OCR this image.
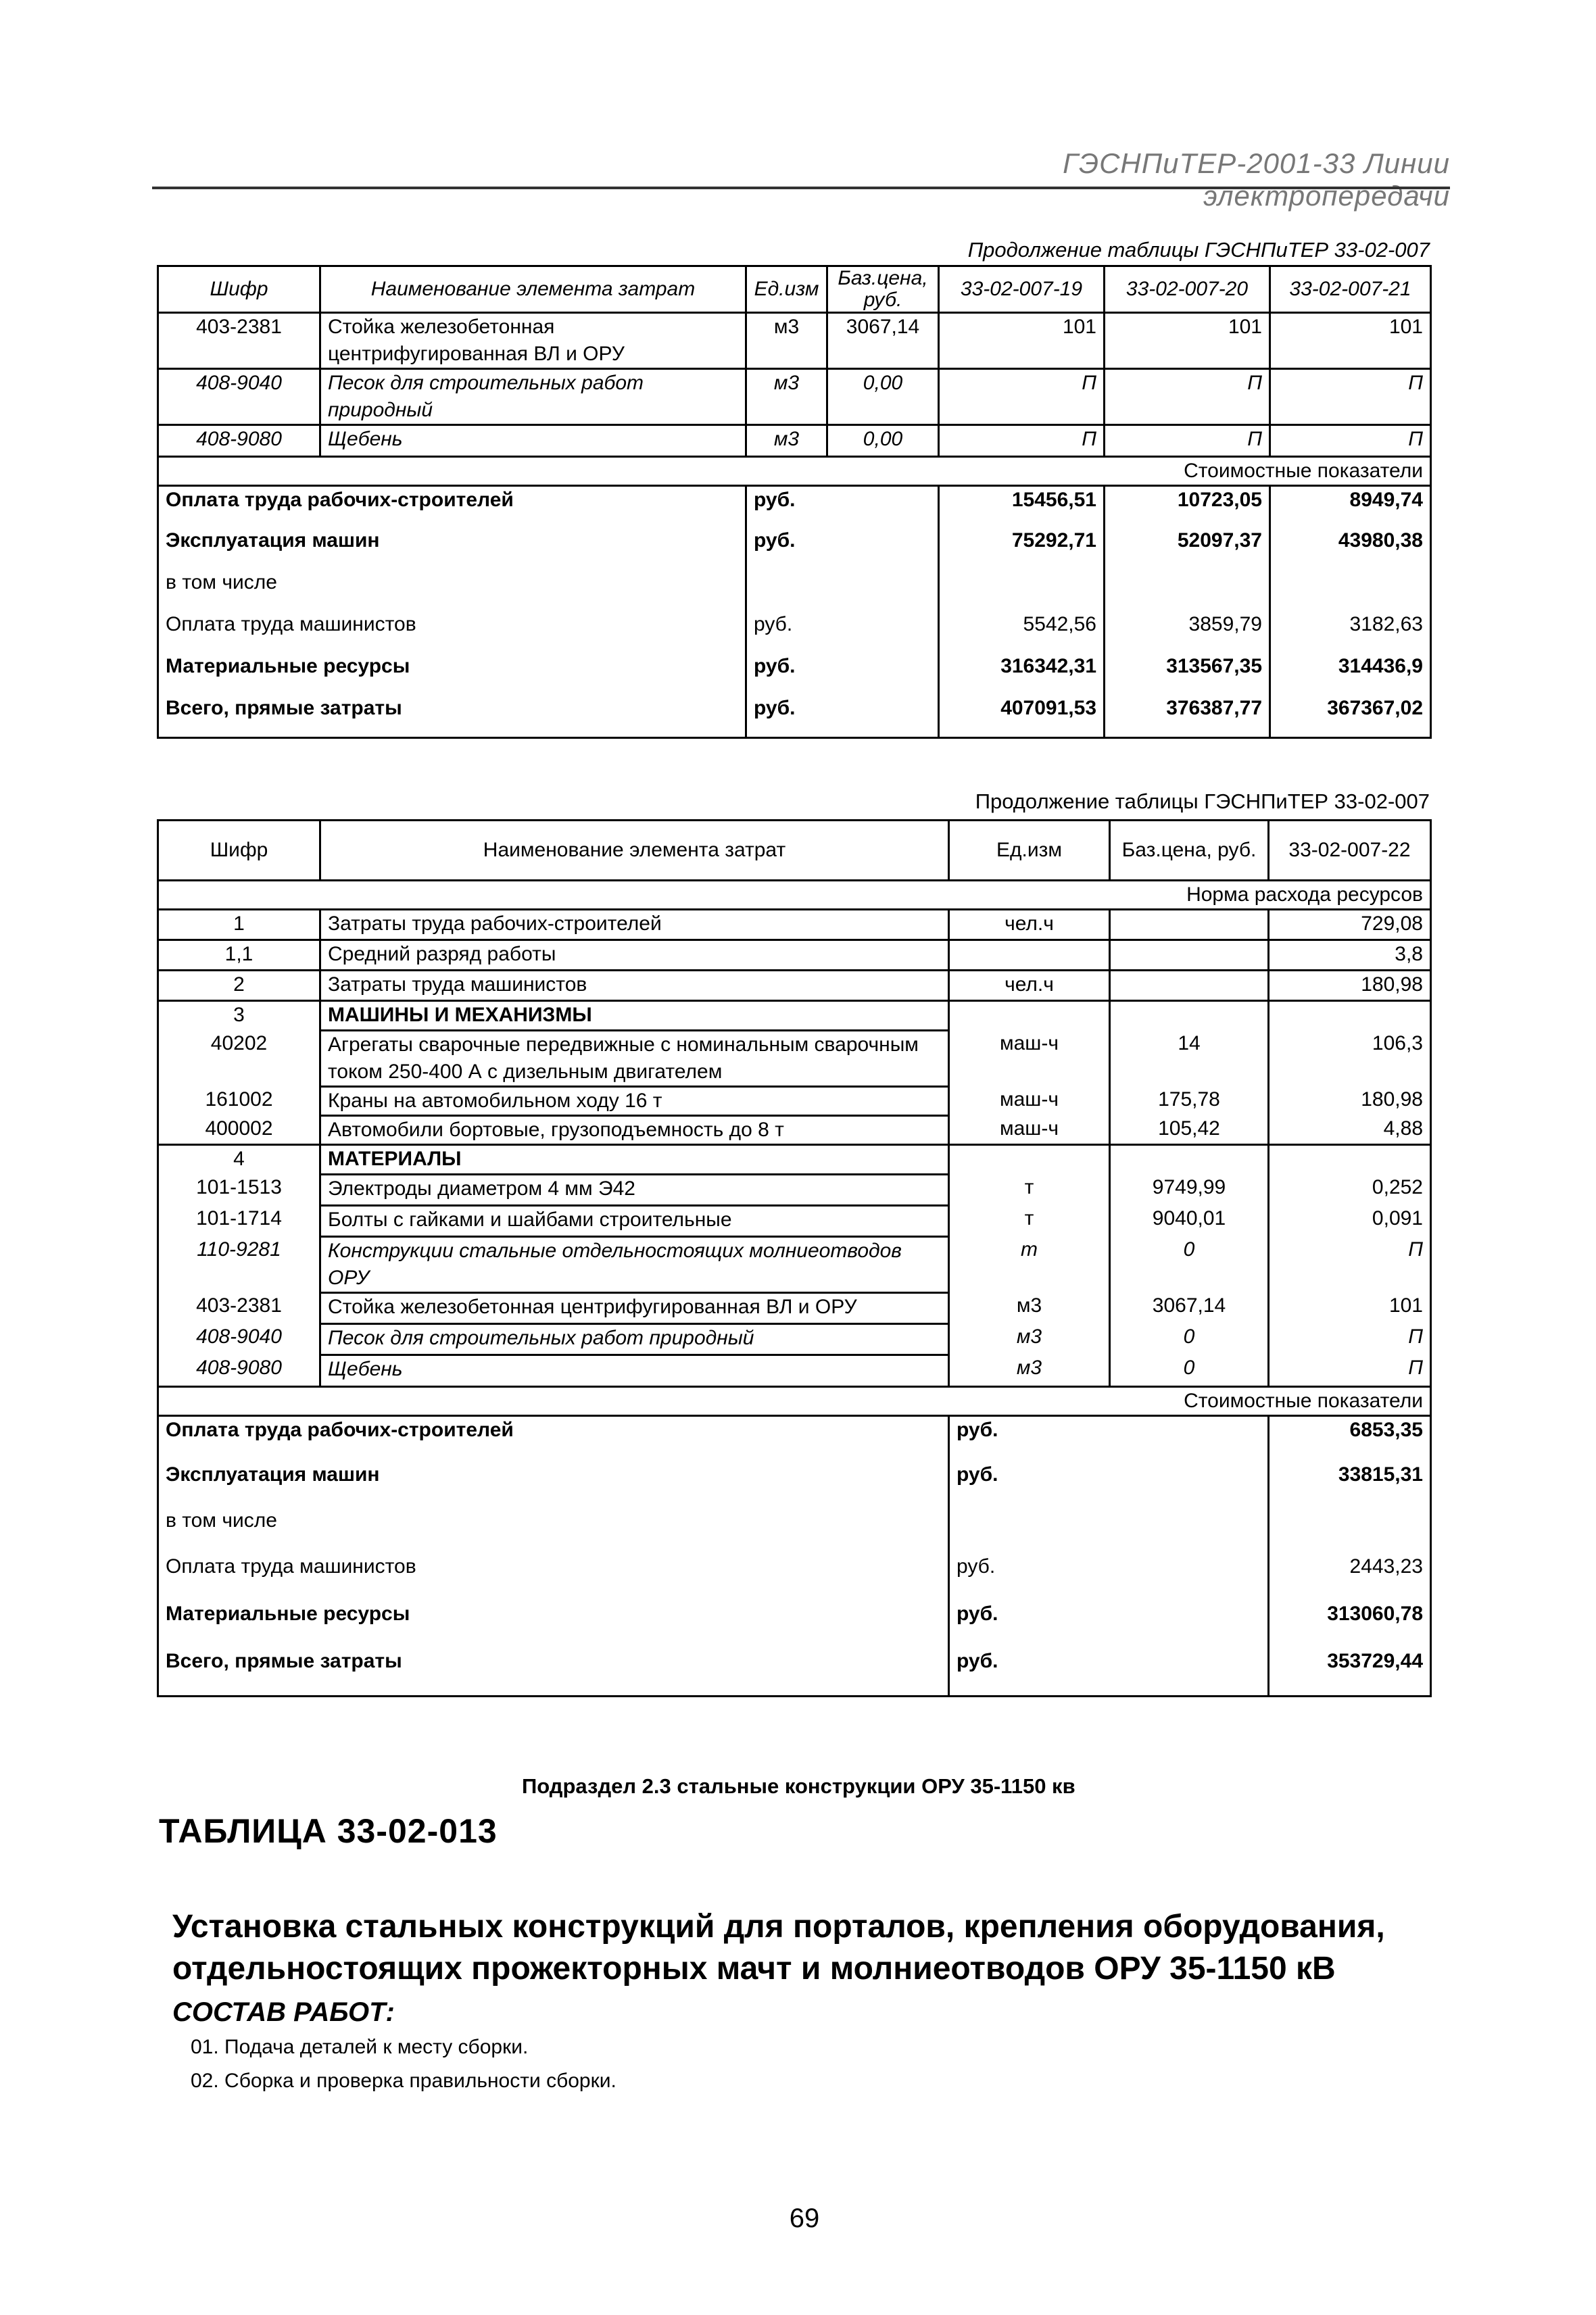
ГЭСНПиТЕР-2001-33 Линии электропередачи
Продолжение таблицы ГЭСНПиТЕР 33-02-007
Шифр	Наименование элемента затрат	Ед.изм	Баз.цена, руб.	33-02-007-19	33-02-007-20	33-02-007-21
403-2381	Стойка железобетонная центрифугированная ВЛ и ОРУ	м3	3067,14	101	101	101
408-9040	Песок для строительных работ природный	м3	0,00	П	П	П
408-9080	Щебень	м3	0,00	П	П	П
Стоимостные показатели						
Оплата труда рабочих-строителей		руб.		15456,51	10723,05	8949,74
Эксплуатация машин		руб.		75292,71	52097,37	43980,38
в том числе						
Оплата труда машинистов		руб.		5542,56	3859,79	3182,63
Материальные ресурсы		руб.		316342,31	313567,35	314436,9
Всего, прямые затраты		руб.		407091,53	376387,77	367367,02
Продолжение таблицы ГЭСНПиТЕР 33-02-007
Шифр	Наименование элемента затрат	Ед.изм	Баз.цена, руб.	33-02-007-22
Норма расхода ресурсов				
1	Затраты труда рабочих-строителей	чел.ч		729,08
1,1	Средний разряд работы			3,8
2	Затраты труда машинистов	чел.ч		180,98
3	МАШИНЫ И МЕХАНИЗМЫ			
40202	Агрегаты сварочные передвижные с номинальным сварочным током 250-400 А с дизельным двигателем	маш-ч	14	106,3
161002	Краны на автомобильном ходу 16 т	маш-ч	175,78	180,98
400002	Автомобили бортовые, грузоподъемность до 8 т	маш-ч	105,42	4,88
4	МАТЕРИАЛЫ			
101-1513	Электроды диаметром 4 мм Э42	т	9749,99	0,252
101-1714	Болты с гайками и шайбами строительные	т	9040,01	0,091
110-9281	Конструкции стальные отдельностоящих молниеотводов ОРУ	т	0	П
403-2381	Стойка железобетонная центрифугированная ВЛ и ОРУ	м3	3067,14	101
408-9040	Песок для строительных работ природный	м3	0	П
408-9080	Щебень	м3	0	П
Стоимостные показатели				
Оплата труда рабочих-строителей		руб.		6853,35
Эксплуатация машин		руб.		33815,31
в том числе				
Оплата труда машинистов		руб.		2443,23
Материальные ресурсы		руб.		313060,78
Всего, прямые затраты		руб.		353729,44
Подраздел 2.3 стальные конструкции ОРУ 35-1150 кв
ТАБЛИЦА 33-02-013
Установка стальных конструкций для порталов, крепления оборудования, отдельностоящих прожекторных мачт и молниеотводов ОРУ 35-1150 кВ
СОСТАВ РАБОТ:
01. Подача деталей к месту сборки.
02. Сборка и проверка правильности сборки.
69
